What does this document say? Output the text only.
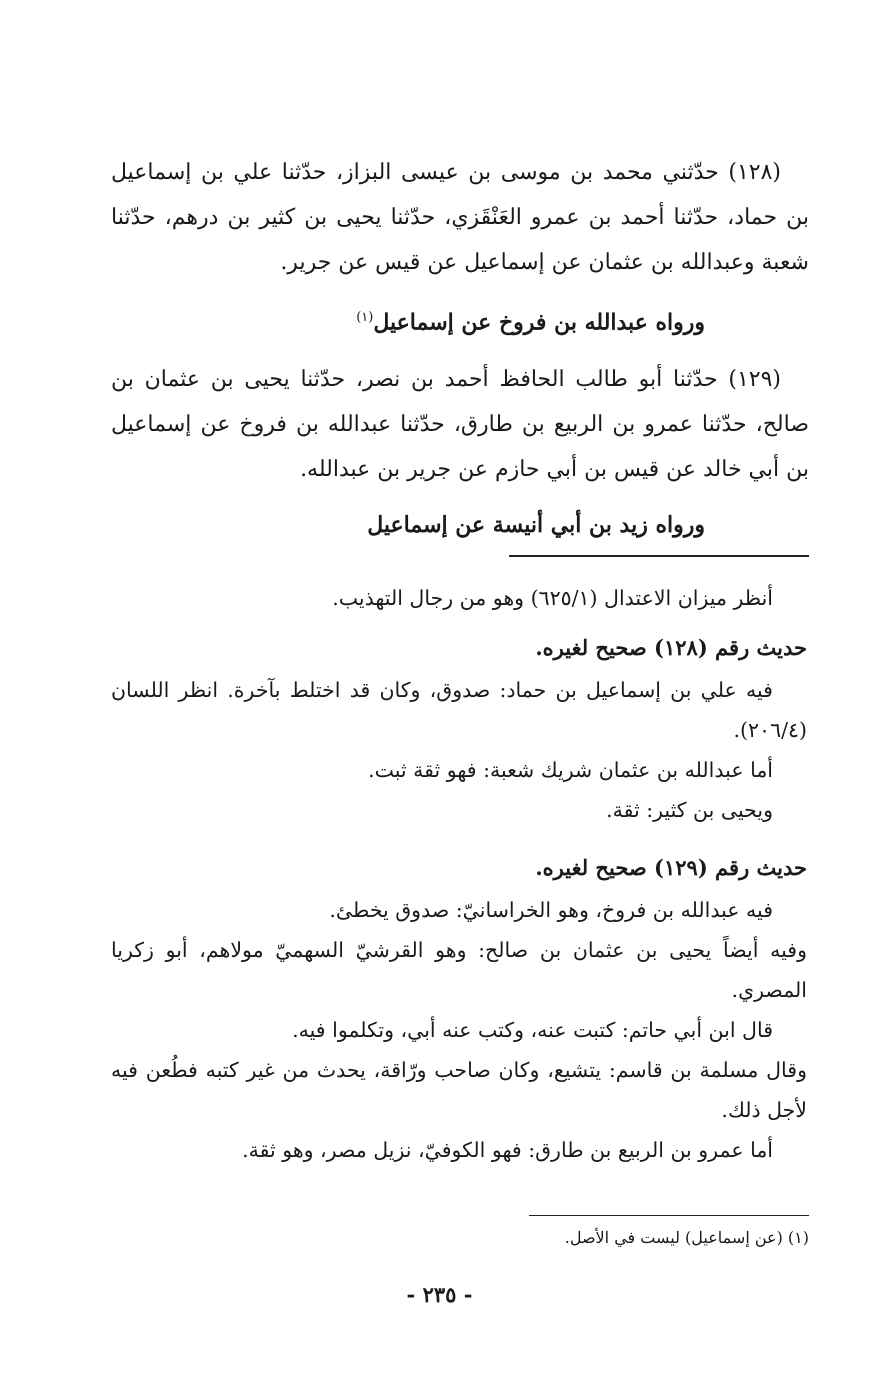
(١٢٨) حدّثني محمد بن موسى بن عيسى البزاز، حدّثنا علي بن إسماعيل بن حماد، حدّثنا أحمد بن عمرو العَنْقَزي، حدّثنا يحيى بن كثير بن درهم، حدّثنا شعبة وعبدالله بن عثمان عن إسماعيل عن قيس عن جرير.

ورواه عبدالله بن فروخ عن إسماعيل$^{(١)}$

(١٢٩) حدّثنا أبو طالب الحافظ أحمد بن نصر، حدّثنا يحيى بن عثمان بن صالح، حدّثنا عمرو بن الربيع بن طارق، حدّثنا عبدالله بن فروخ عن إسماعيل بن أبي خالد عن قيس بن أبي حازم عن جرير بن عبدالله.

ورواه زيد بن أبي أنيسة عن إسماعيل

أنظر ميزان الاعتدال (٦٢٥/١) وهو من رجال التهذيب.

حديث رقم (١٢٨) صحيح لغيره.

فيه علي بن إسماعيل بن حماد: صدوق، وكان قد اختلط بآخرة. انظر اللسان (٢٠٦/٤).

أما عبدالله بن عثمان شريك شعبة: فهو ثقة ثبت.

ويحيى بن كثير: ثقة.

حديث رقم (١٢٩) صحيح لغيره.

فيه عبدالله بن فروخ، وهو الخراسانيّ: صدوق يخطئ.

وفيه أيضاً يحيى بن عثمان بن صالح: وهو القرشيّ السهميّ مولاهم، أبو زكريا المصري.

قال ابن أبي حاتم: كتبت عنه، وكتب عنه أبي، وتكلموا فيه.

وقال مسلمة بن قاسم: يتشيع، وكان صاحب ورّاقة، يحدث من غير كتبه فطُعن فيه لأجل ذلك.

أما عمرو بن الربيع بن طارق: فهو الكوفيّ، نزيل مصر، وهو ثقة.

(١) (عن إسماعيل) ليست في الأصل.

- ٢٣٥ -
